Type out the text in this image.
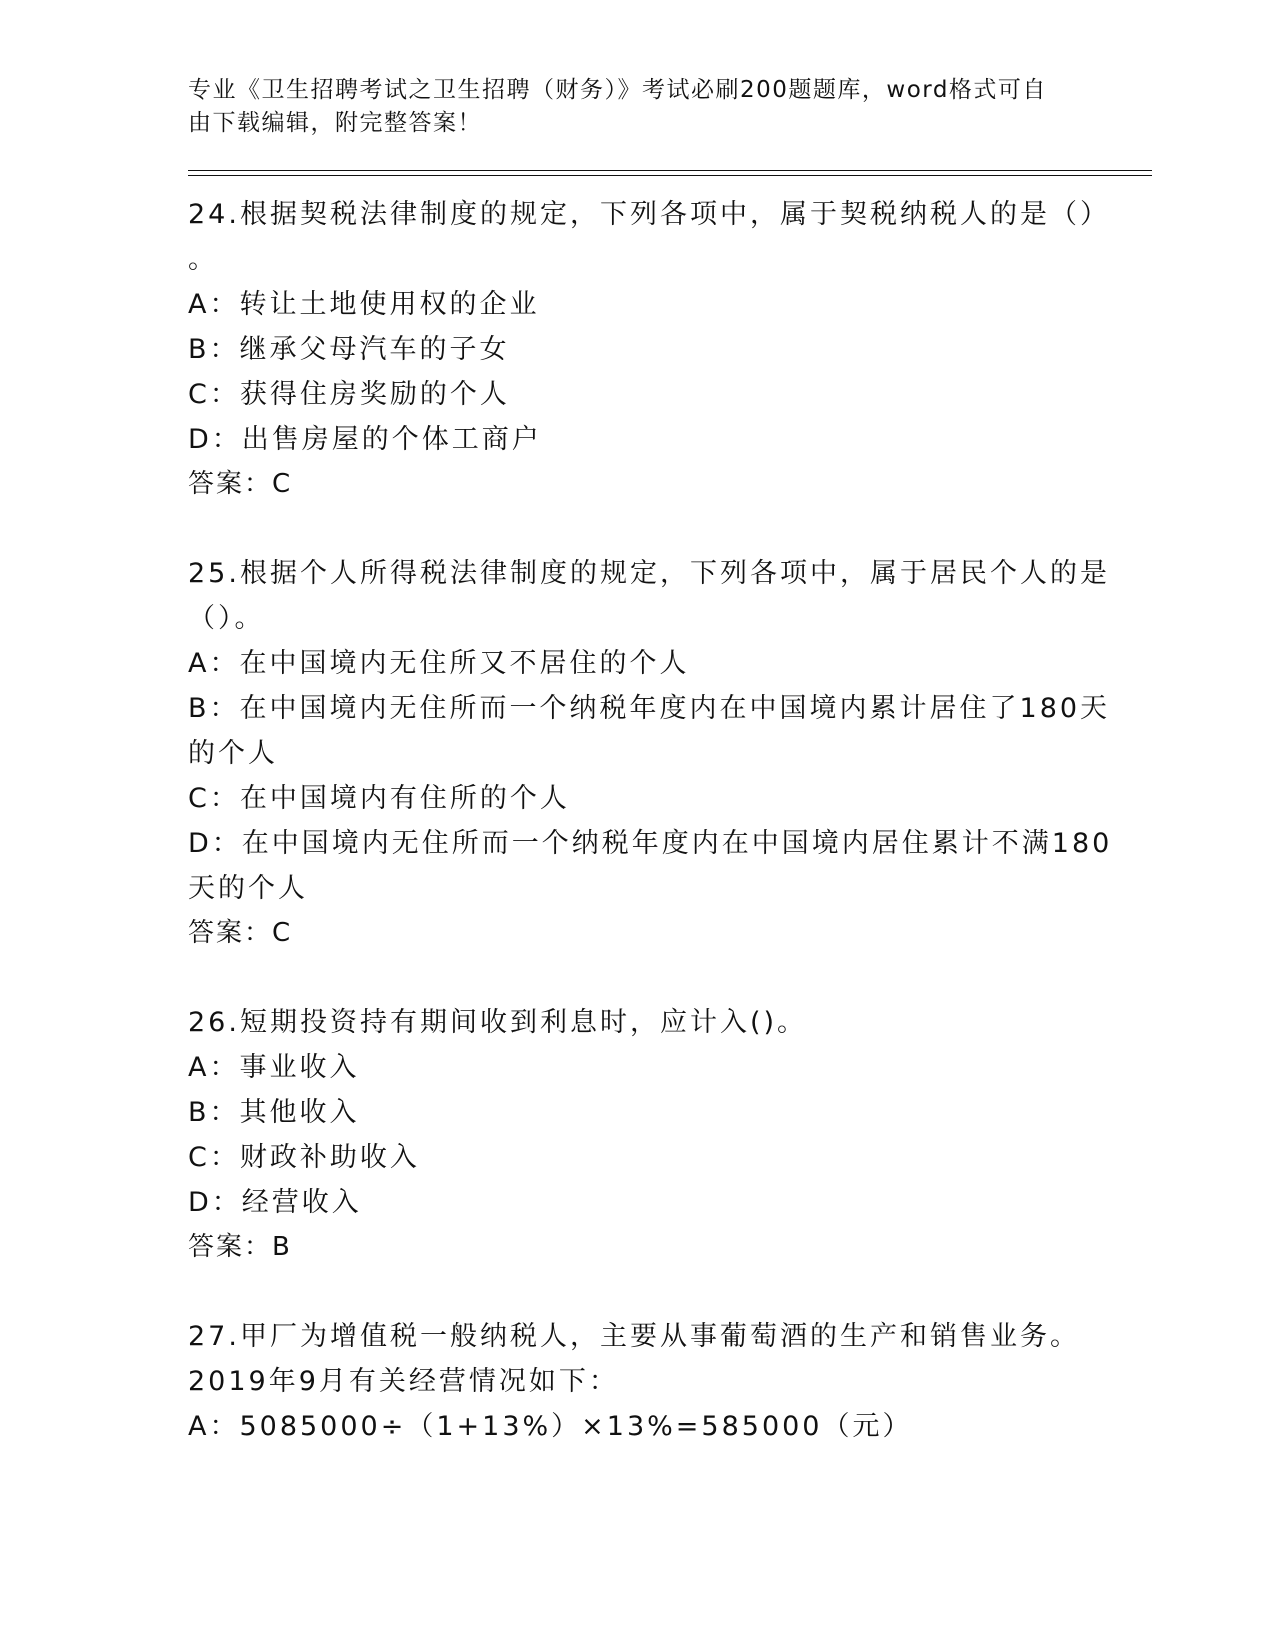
专业《卫生招聘考试之卫生招聘（财务）》考试必刷200题题库，word格式可自
由下载编辑，附完整答案！
24.根据契税法律制度的规定，下列各项中，属于契税纳税人的是（）
。
A：转让土地使用权的企业
B：继承父母汽车的子女
C：获得住房奖励的个人
D：出售房屋的个体工商户
答案：C
25.根据个人所得税法律制度的规定，下列各项中，属于居民个人的是
（）。
A：在中国境内无住所又不居住的个人
B：在中国境内无住所而一个纳税年度内在中国境内累计居住了180天
的个人
C：在中国境内有住所的个人
D：在中国境内无住所而一个纳税年度内在中国境内居住累计不满180
天的个人
答案：C
26.短期投资持有期间收到利息时，应计入()。
A：事业收入
B：其他收入
C：财政补助收入
D：经营收入
答案：B
27.甲厂为增值税一般纳税人，主要从事葡萄酒的生产和销售业务。
2019年9月有关经营情况如下：
A：5085000÷（1+13%）×13%=585000（元）
